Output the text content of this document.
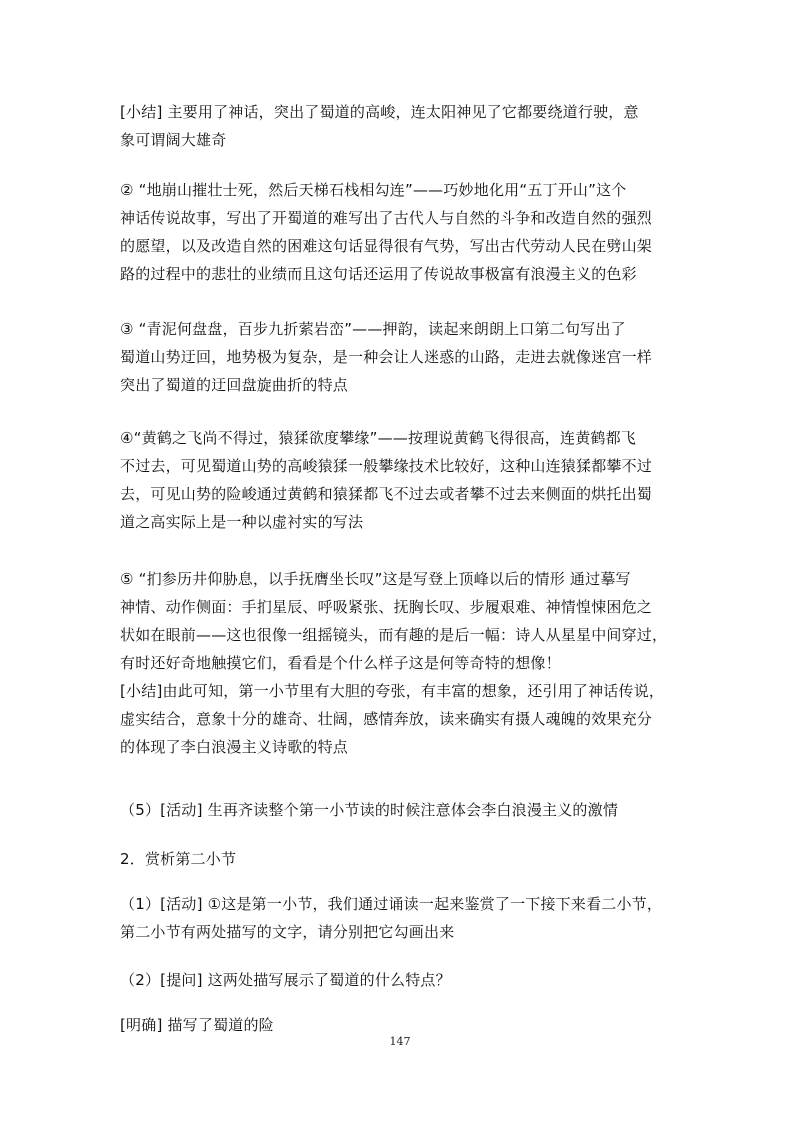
[小结] 主要用了神话，突出了蜀道的高峻，连太阳神见了它都要绕道行驶，意
象可谓阔大雄奇

② “地崩山摧壮士死，然后天梯石栈相勾连”——巧妙地化用“五丁开山”这个
神话传说故事，写出了开蜀道的难写出了古代人与自然的斗争和改造自然的强烈
的愿望，以及改造自然的困难这句话显得很有气势，写出古代劳动人民在劈山架
路的过程中的悲壮的业绩而且这句话还运用了传说故事极富有浪漫主义的色彩

③ “青泥何盘盘，百步九折萦岩峦”——押韵，读起来朗朗上口第二句写出了
蜀道山势迂回，地势极为复杂，是一种会让人迷惑的山路，走进去就像迷宫一样
突出了蜀道的迂回盘旋曲折的特点

④“黄鹤之飞尚不得过，猿猱欲度攀缘”——按理说黄鹤飞得很高，连黄鹤都飞
不过去，可见蜀道山势的高峻猿猱一般攀缘技术比较好，这种山连猿猱都攀不过
去，可见山势的险峻通过黄鹤和猿猱都飞不过去或者攀不过去来侧面的烘托出蜀
道之高实际上是一种以虚衬实的写法

⑤ “扪参历井仰胁息，以手抚膺坐长叹”这是写登上顶峰以后的情形 通过摹写
神情、动作侧面：手扪星辰、呼吸紧张、抚胸长叹、步履艰难、神情惶悚困危之
状如在眼前——这也很像一组摇镜头，而有趣的是后一幅：诗人从星星中间穿过，
有时还好奇地触摸它们，看看是个什么样子这是何等奇特的想像！
[小结]由此可知，第一小节里有大胆的夸张，有丰富的想象，还引用了神话传说，
虚实结合，意象十分的雄奇、壮阔，感情奔放，读来确实有摄人魂魄的效果充分
的体现了李白浪漫主义诗歌的特点

（5）[活动] 生再齐读整个第一小节读的时候注意体会李白浪漫主义的激情

2．赏析第二小节

（1）[活动] ①这是第一小节，我们通过诵读一起来鉴赏了一下接下来看二小节，
第二小节有两处描写的文字，请分别把它勾画出来

（2）[提问] 这两处描写展示了蜀道的什么特点？

[明确] 描写了蜀道的险

147
